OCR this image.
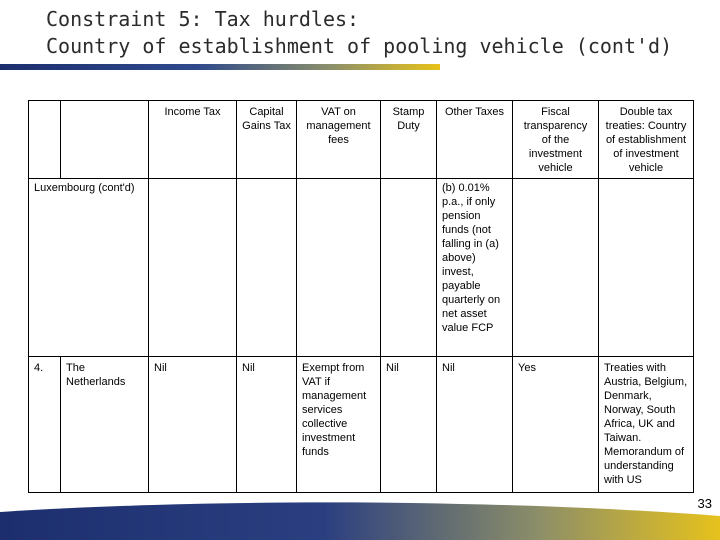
Constraint 5: Tax hurdles:
Country of establishment of pooling vehicle (cont'd)
		Income Tax	Capital Gains Tax	VAT on management fees	Stamp Duty	Other Taxes	Fiscal transparency of the investment vehicle	Double tax treaties: Country of establishment of investment vehicle
Luxembourg (cont'd)						(b) 0.01% p.a., if only pension funds (not falling in (a) above) invest, payable quarterly on net asset value FCP		
4.	The Netherlands	Nil	Nil	Exempt from VAT if management services collective investment funds	Nil	Nil	Yes	Treaties with Austria, Belgium, Denmark, Norway, South Africa, UK and Taiwan. Memorandum of understanding with US
33
